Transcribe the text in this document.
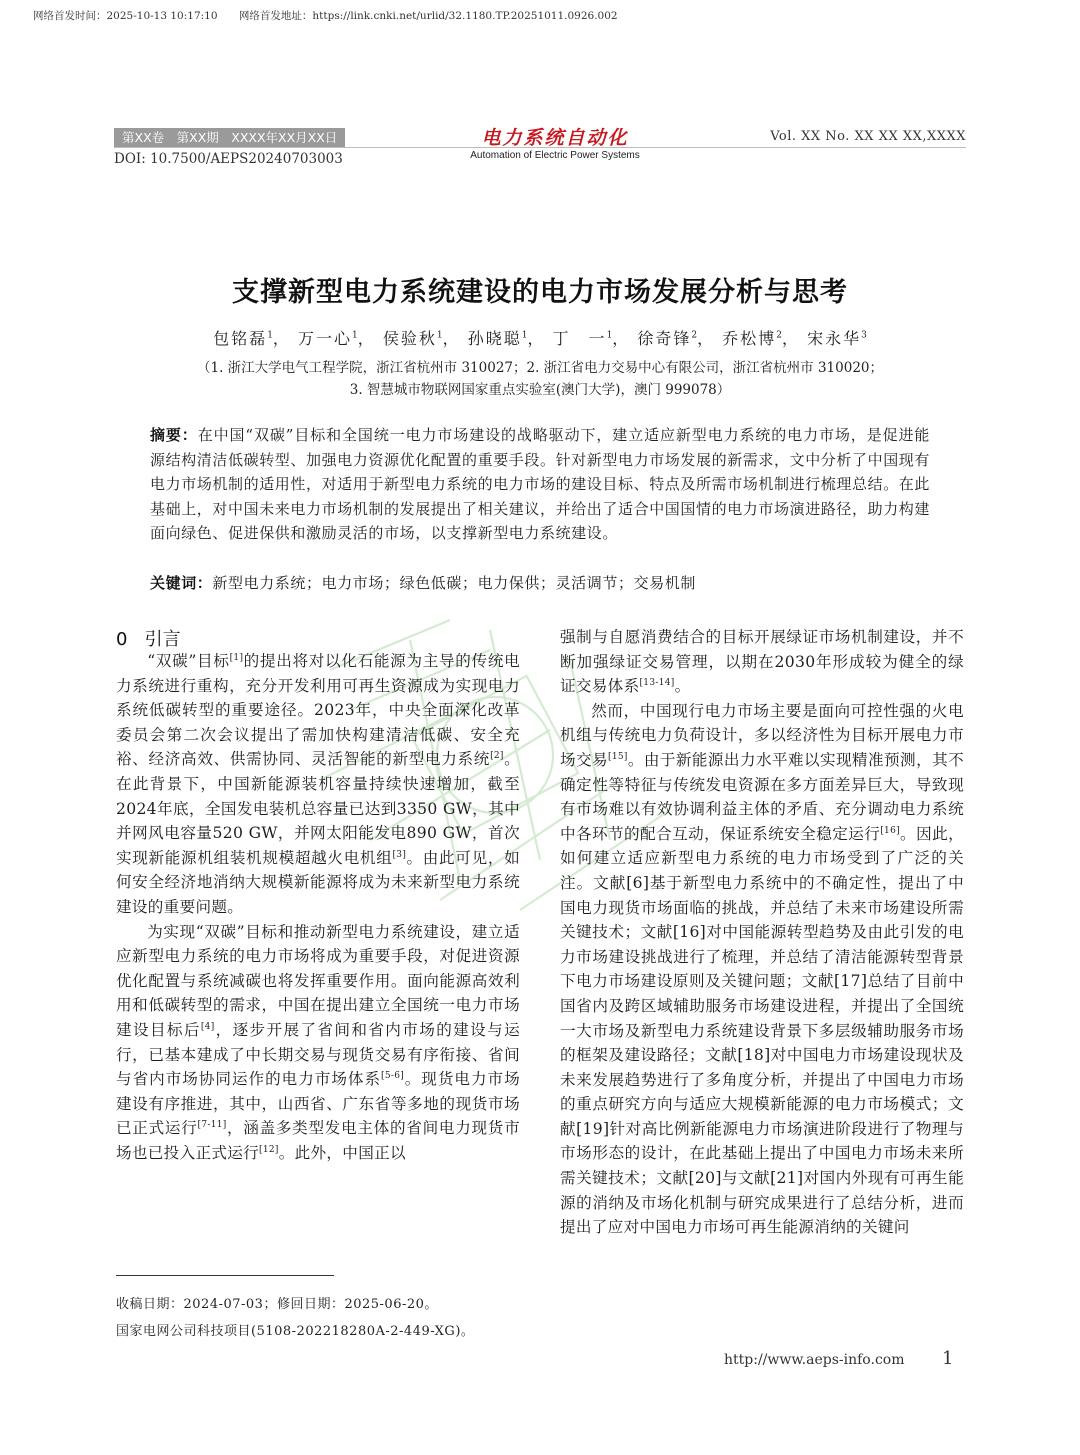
网络首发时间：2025-10-13 10:17:10 网络首发地址：https://link.cnki.net/urlid/32.1180.TP.20251011.0926.002
第XX卷　第XX期　XXXX年XX月XX日
DOI: 10.7500/AEPS20240703003
电力系统自动化
Automation of Electric Power Systems
Vol. XX No. XX XX XX,XXXX
支撑新型电力系统建设的电力市场发展分析与思考
包铭磊$^1$， 万一心$^1$， 侯验秋$^1$， 孙晓聪$^1$， 丁　一$^1$， 徐奇锋$^2$， 乔松博$^2$， 宋永华$^3$
（1. 浙江大学电气工程学院，浙江省杭州市 310027；2. 浙江省电力交易中心有限公司，浙江省杭州市 310020；
3. 智慧城市物联网国家重点实验室(澳门大学)，澳门 999078）
摘要：在中国“双碳”目标和全国统一电力市场建设的战略驱动下，建立适应新型电力系统的电力市场，是促进能源结构清洁低碳转型、加强电力资源优化配置的重要手段。针对新型电力市场发展的新需求，文中分析了中国现有电力市场机制的适用性，对适用于新型电力系统的电力市场的建设目标、特点及所需市场机制进行梳理总结。在此基础上，对中国未来电力市场机制的发展提出了相关建议，并给出了适合中国国情的电力市场演进路径，助力构建面向绿色、促进保供和激励灵活的市场，以支撑新型电力系统建设。
关键词：新型电力系统；电力市场；绿色低碳；电力保供；灵活调节；交易机制
0 引言

“双碳”目标[1]的提出将对以化石能源为主导的传统电力系统进行重构，充分开发利用可再生资源成为实现电力系统低碳转型的重要途径。2023年，中央全面深化改革委员会第二次会议提出了需加快构建清洁低碳、安全充裕、经济高效、供需协同、灵活智能的新型电力系统[2]。在此背景下，中国新能源装机容量持续快速增加，截至2024年底，全国发电装机总容量已达到3350 GW，其中并网风电容量520 GW，并网太阳能发电890 GW，首次实现新能源机组装机规模超越火电机组[3]。由此可见，如何安全经济地消纳大规模新能源将成为未来新型电力系统建设的重要问题。

为实现“双碳”目标和推动新型电力系统建设，建立适应新型电力系统的电力市场将成为重要手段，对促进资源优化配置与系统减碳也将发挥重要作用。面向能源高效利用和低碳转型的需求，中国在提出建立全国统一电力市场建设目标后[4]，逐步开展了省间和省内市场的建设与运行，已基本建成了中长期交易与现货交易有序衔接、省间与省内市场协同运作的电力市场体系[5-6]。现货电力市场建设有序推进，其中，山西省、广东省等多地的现货市场已正式运行[7-11]，涵盖多类型发电主体的省间电力现货市场也已投入正式运行[12]。此外，中国正以

强制与自愿消费结合的目标开展绿证市场机制建设，并不断加强绿证交易管理，以期在2030年形成较为健全的绿证交易体系[13-14]。

然而，中国现行电力市场主要是面向可控性强的火电机组与传统电力负荷设计，多以经济性为目标开展电力市场交易[15]。由于新能源出力水平难以实现精准预测，其不确定性等特征与传统发电资源在多方面差异巨大，导致现有市场难以有效协调利益主体的矛盾、充分调动电力系统中各环节的配合互动，保证系统安全稳定运行[16]。因此，如何建立适应新型电力系统的电力市场受到了广泛的关注。文献[6]基于新型电力系统中的不确定性，提出了中国电力现货市场面临的挑战，并总结了未来市场建设所需关键技术；文献[16]对中国能源转型趋势及由此引发的电力市场建设挑战进行了梳理，并总结了清洁能源转型背景下电力市场建设原则及关键问题；文献[17]总结了目前中国省内及跨区域辅助服务市场建设进程，并提出了全国统一大市场及新型电力系统建设背景下多层级辅助服务市场的框架及建设路径；文献[18]对中国电力市场建设现状及未来发展趋势进行了多角度分析，并提出了中国电力市场的重点研究方向与适应大规模新能源的电力市场模式；文献[19]针对高比例新能源电力市场演进阶段进行了物理与市场形态的设计，在此基础上提出了中国电力市场未来所需关键技术；文献[20]与文献[21]对国内外现有可再生能源的消纳及市场化机制与研究成果进行了总结分析，进而提出了应对中国电力市场可再生能源消纳的关键问

收稿日期：2024-07-03；修回日期：2025-06-20。
国家电网公司科技项目(5108-202218280A-2-449-XG)。
http://www.aeps-info.com 1
